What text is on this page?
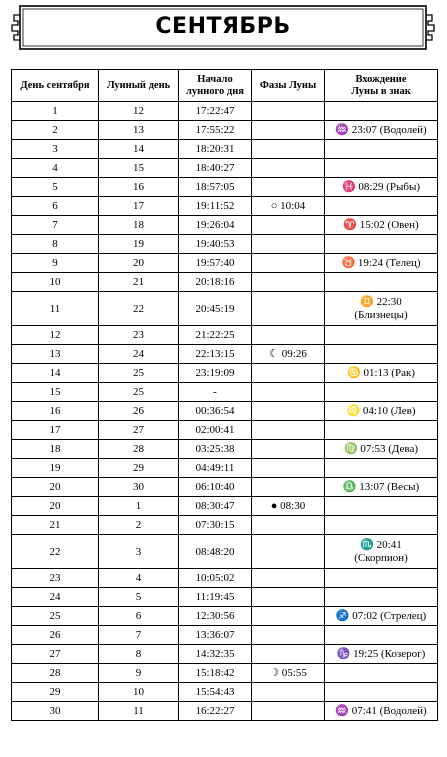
СЕНТЯБРЬ
День сентября	Лунный день	Начало
лунного дня	Фазы Луны	Вхождение
Луны в знак
1	12	17:22:47		
2	13	17:55:22		♒ 23:07 (Водолей)
3	14	18:20:31		
4	15	18:40:27		
5	16	18:57:05		♓ 08:29 (Рыбы)
6	17	19:11:52	○ 10:04	
7	18	19:26:04		♈ 15:02 (Овен)
8	19	19:40:53		
9	20	19:57:40		♉ 19:24 (Телец)
10	21	20:18:16		
11	22	20:45:19		♊ 22:30
(Близнецы)
12	23	21:22:25		
13	24	22:13:15	☾ 09:26	
14	25	23:19:09		♋ 01:13 (Рак)
15	25	-		
16	26	00:36:54		♌ 04:10 (Лев)
17	27	02:00:41		
18	28	03:25:38		♍ 07:53 (Дева)
19	29	04:49:11		
20	30	06:10:40		♎ 13:07 (Весы)
20	1	08:30:47	● 08:30	
21	2	07:30:15		
22	3	08:48:20		♏ 20:41
(Скорпион)
23	4	10:05:02		
24	5	11:19:45		
25	6	12:30:56		♐ 07:02 (Стрелец)
26	7	13:36:07		
27	8	14:32:35		♑ 19:25 (Козерог)
28	9	15:18:42	☽ 05:55	
29	10	15:54:43		
30	11	16:22:27		♒ 07:41 (Водолей)
